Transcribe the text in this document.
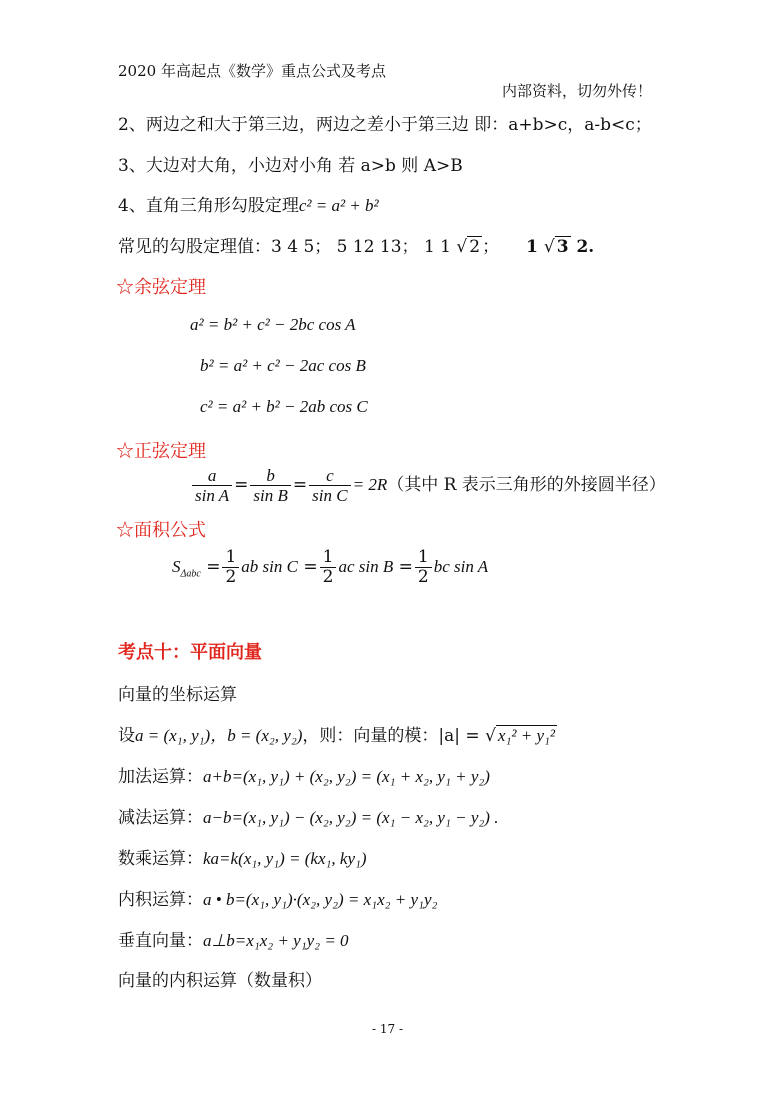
2020 年高起点《数学》重点公式及考点
内部资料，切勿外传！
2、两边之和大于第三边，两边之差小于第三边 即：a+b>c，a-b<c；
3、大边对大角，小边对小角 若 a>b 则 A>B
4、直角三角形勾股定理c² = a² + b²
常见的勾股定理值：3 4 5； 5 12 13； 1 1 √ 2 ； 1 √ 3 2.
☆余弦定理
a² = b² + c² − 2bc cos A
b² = a² + c² − 2ac cos B
c² = a² + b² − 2ab cos C
☆正弦定理
$\frac{a}{\text{sin A}} = \frac{b}{\text{sin B}} = \frac{c}{\text{sin C}} = 2R$（其中 R 表示三角形的外接圆半径）
☆面积公式
$S_{\Delta abc} = \frac{1}{2}$ ab $\sin C = \frac{1}{2}$ ac $\sin B = \frac{1}{2}$ bc sin A
考点十：平面向量
向量的坐标运算
设a = (x₁, y₁)，b = (x₂, y₂)，则：向量的模：|a| = √ x₁² + y₁²
加法运算：a+b=(x₁, y₁) + (x₂, y₂) = (x₁ + x₂, y₁ + y₂)
减法运算：a−b=(x₁, y₁) − (x₂, y₂) = (x₁ − x₂, y₁ − y₂) .
数乘运算：ka=k(x₁, y₁) = (kx₁, ky₁)
内积运算：a • b=(x₁, y₁)·(x₂, y₂) = x₁x₂ + y₁y₂
垂直向量：a⊥b=x₁x₂ + y₁y₂ = 0
向量的内积运算（数量积）
- 17 -
